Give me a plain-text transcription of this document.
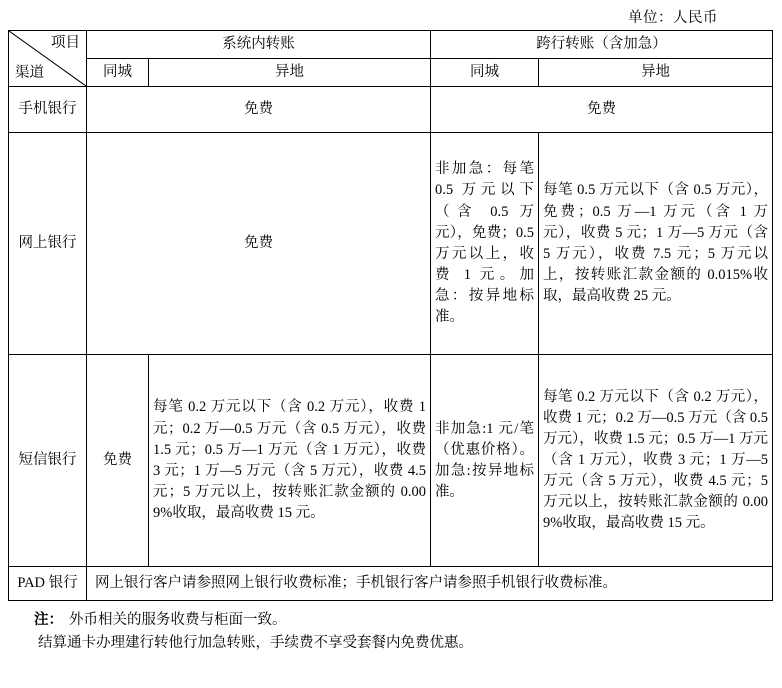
单位：人民币
项目
渠道	系统内转账		跨行转账（含加急）	
	同城	异地	同城	异地
手机银行	免费		免费	
网上银行	免费		非加急：每笔 0.5 万元以下（含 0.5 万元），免费；0.5 万元以上，收费 1 元。加急：按异地标准。	每笔 0.5 万元以下（含 0.5 万元），免费；0.5 万—1 万元（含 1 万元），收费 5 元；1 万—5 万元（含 5 万元），收费 7.5 元；5 万元以上，按转账汇款金额的 0.015%收取，最高收费 25 元。
短信银行	免费	每笔 0.2 万元以下（含 0.2 万元），收费 1 元；0.2 万—0.5 万元（含 0.5 万元），收费 1.5 元；0.5 万—1 万元（含 1 万元），收费 3 元；1 万—5 万元（含 5 万元），收费 4.5 元；5 万元以上，按转账汇款金额的 0.009%收取，最高收费 15 元。	非加急:1 元/笔（优惠价格）。加急:按异地标准。	每笔 0.2 万元以下（含 0.2 万元），收费 1 元；0.2 万—0.5 万元（含 0.5 万元），收费 1.5 元；0.5 万—1 万元（含 1 万元），收费 3 元；1 万—5 万元（含 5 万元），收费 4.5 元；5 万元以上，按转账汇款金额的 0.009%收取，最高收费 15 元。
PAD 银行	网上银行客户请参照网上银行收费标准；手机银行客户请参照手机银行收费标准。			
注： 外币相关的服务收费与柜面一致。
结算通卡办理建行转他行加急转账，手续费不享受套餐内免费优惠。
